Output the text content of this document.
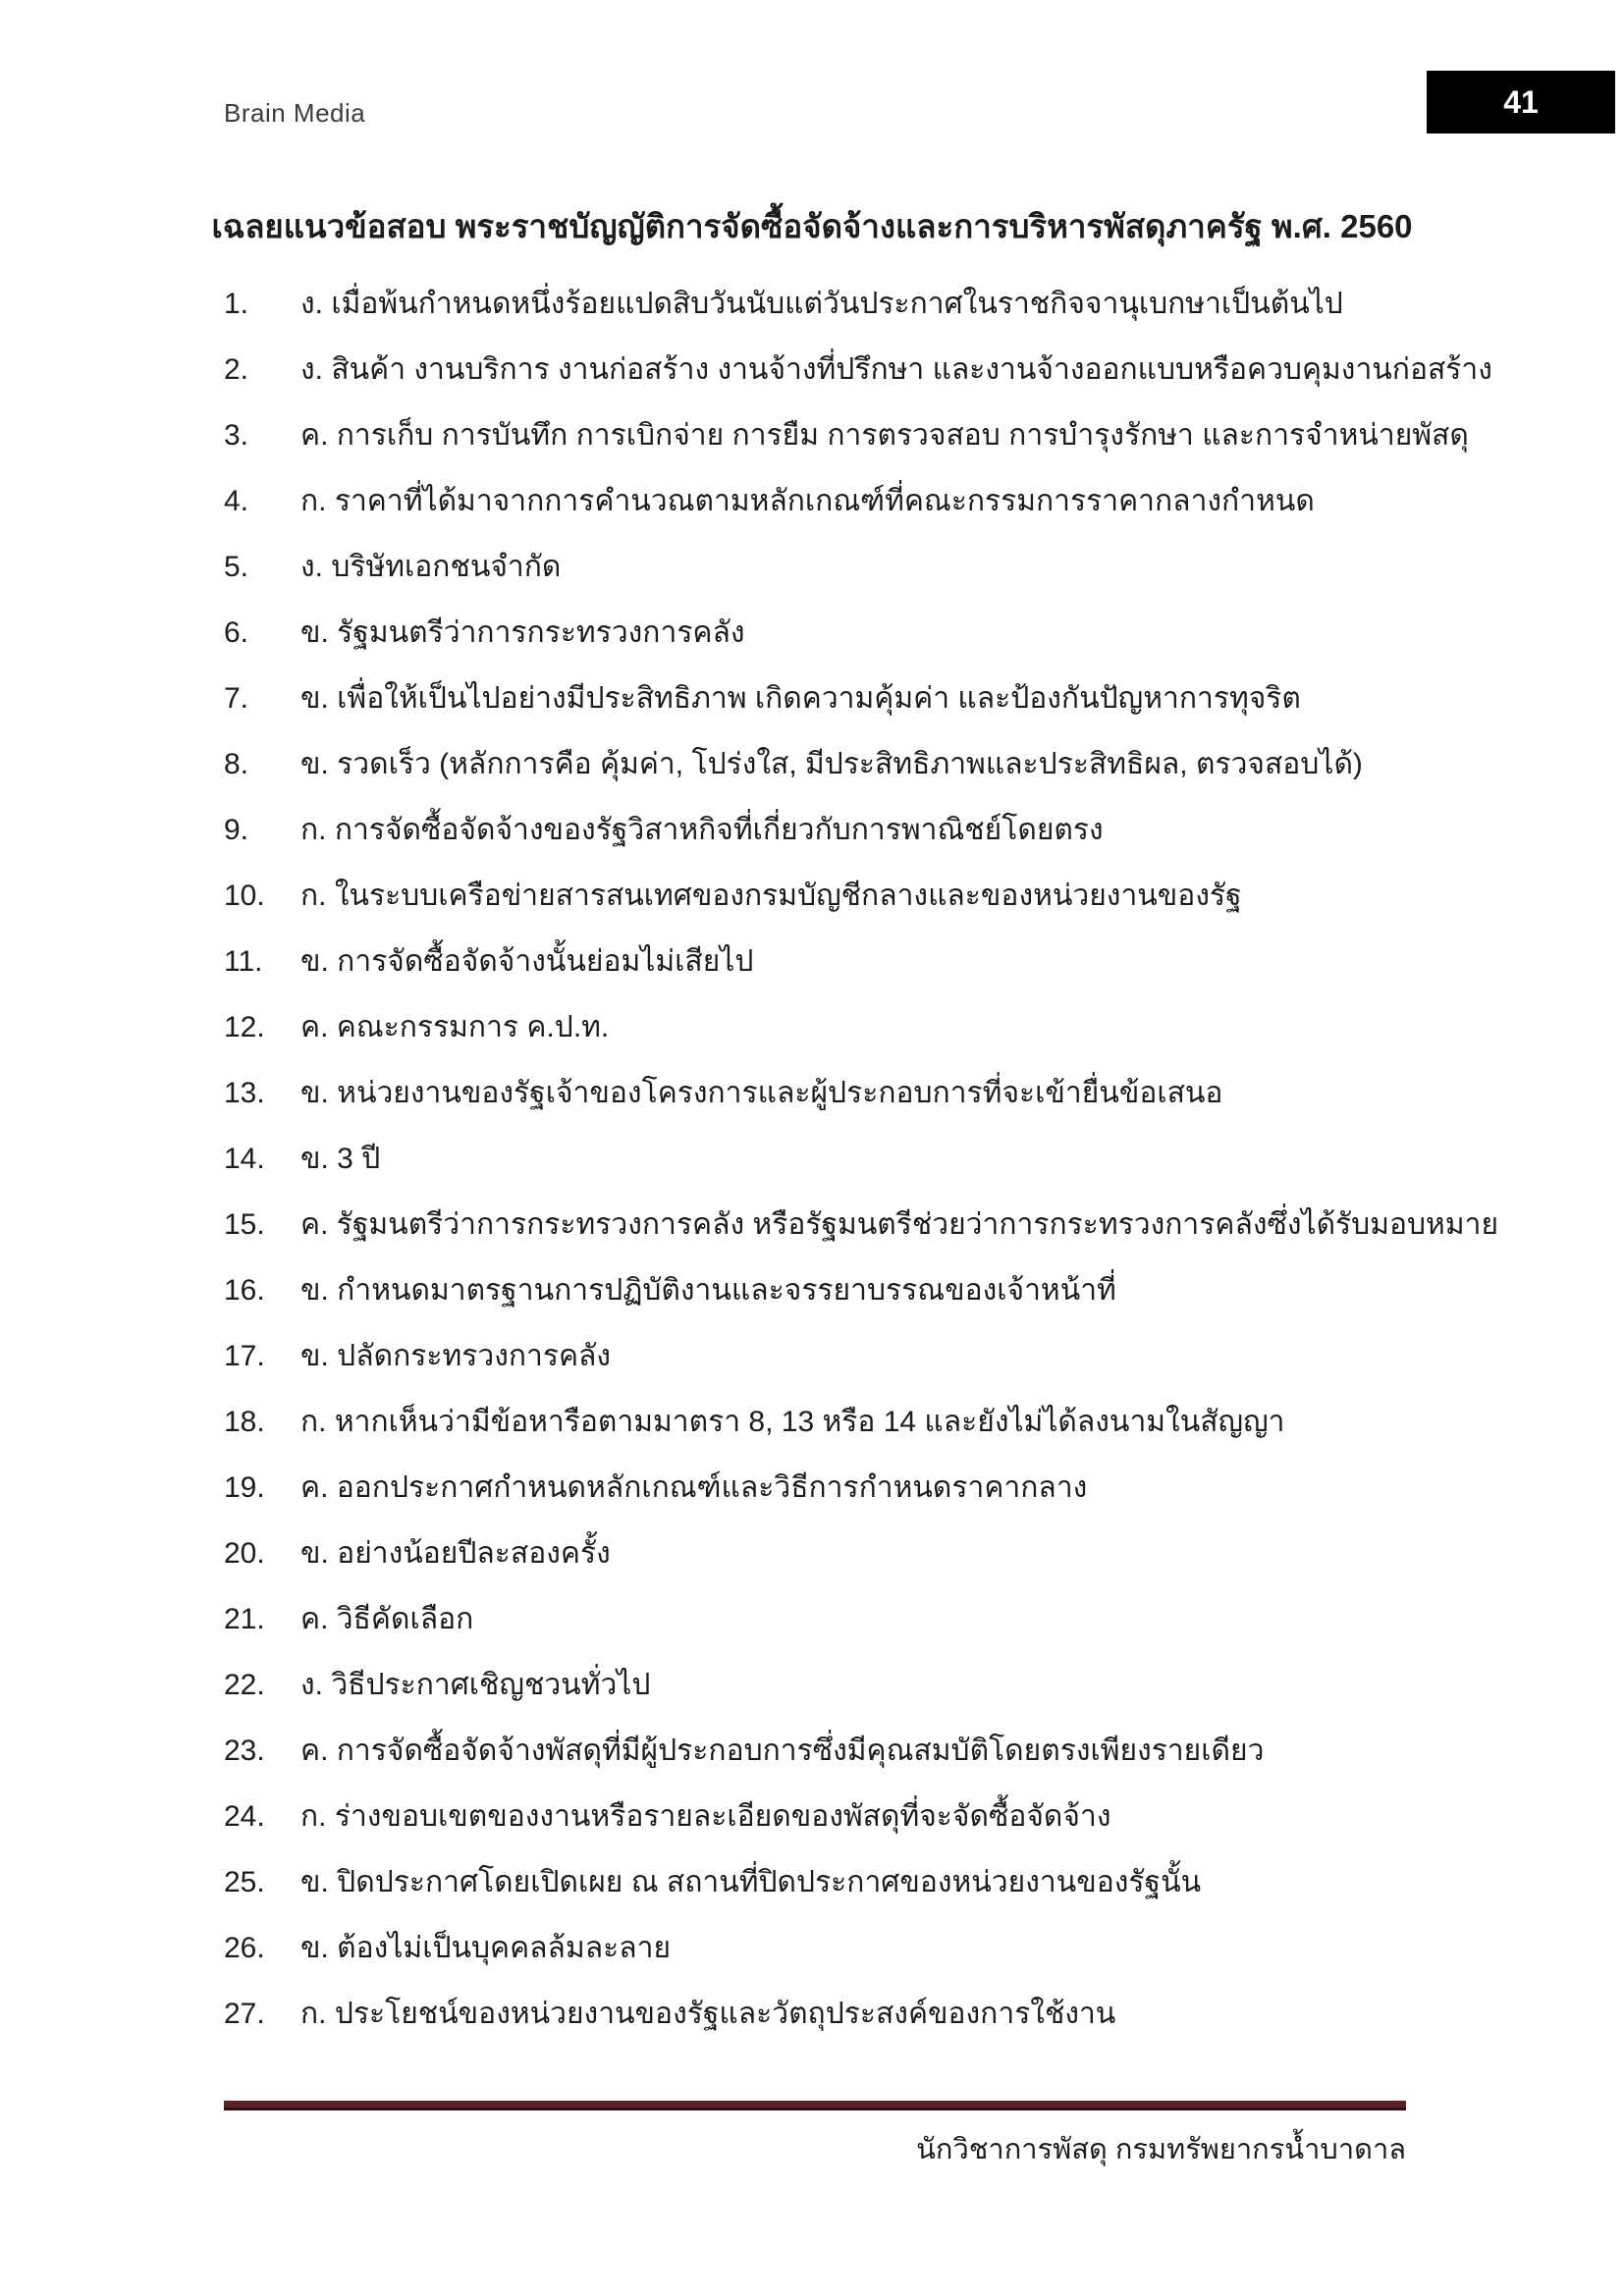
Brain Media	41
เฉลยแนวข้อสอบ พระราชบัญญัติการจัดซื้อจัดจ้างและการบริหารพัสดุภาครัฐ พ.ศ. 2560
1.	ง. เมื่อพ้นกำหนดหนึ่งร้อยแปดสิบวันนับแต่วันประกาศในราชกิจจานุเบกษาเป็นต้นไป
2.	ง. สินค้า งานบริการ งานก่อสร้าง งานจ้างที่ปรึกษา และงานจ้างออกแบบหรือควบคุมงานก่อสร้าง
3.	ค. การเก็บ การบันทึก การเบิกจ่าย การยืม การตรวจสอบ การบำรุงรักษา และการจำหน่ายพัสดุ
4.	ก. ราคาที่ได้มาจากการคำนวณตามหลักเกณฑ์ที่คณะกรรมการราคากลางกำหนด
5.	ง. บริษัทเอกชนจำกัด
6.	ข. รัฐมนตรีว่าการกระทรวงการคลัง
7.	ข. เพื่อให้เป็นไปอย่างมีประสิทธิภาพ เกิดความคุ้มค่า และป้องกันปัญหาการทุจริต
8.	ข. รวดเร็ว (หลักการคือ คุ้มค่า, โปร่งใส, มีประสิทธิภาพและประสิทธิผล, ตรวจสอบได้)
9.	ก. การจัดซื้อจัดจ้างของรัฐวิสาหกิจที่เกี่ยวกับการพาณิชย์โดยตรง
10.	ก. ในระบบเครือข่ายสารสนเทศของกรมบัญชีกลางและของหน่วยงานของรัฐ
11.	ข. การจัดซื้อจัดจ้างนั้นย่อมไม่เสียไป
12.	ค. คณะกรรมการ ค.ป.ท.
13.	ข. หน่วยงานของรัฐเจ้าของโครงการและผู้ประกอบการที่จะเข้ายื่นข้อเสนอ
14.	ข. 3 ปี
15.	ค. รัฐมนตรีว่าการกระทรวงการคลัง หรือรัฐมนตรีช่วยว่าการกระทรวงการคลังซึ่งได้รับมอบหมาย
16.	ข. กำหนดมาตรฐานการปฏิบัติงานและจรรยาบรรณของเจ้าหน้าที่
17.	ข. ปลัดกระทรวงการคลัง
18.	ก. หากเห็นว่ามีข้อหารือตามมาตรา 8, 13 หรือ 14 และยังไม่ได้ลงนามในสัญญา
19.	ค. ออกประกาศกำหนดหลักเกณฑ์และวิธีการกำหนดราคากลาง
20.	ข. อย่างน้อยปีละสองครั้ง
21.	ค. วิธีคัดเลือก
22.	ง. วิธีประกาศเชิญชวนทั่วไป
23.	ค. การจัดซื้อจัดจ้างพัสดุที่มีผู้ประกอบการซึ่งมีคุณสมบัติโดยตรงเพียงรายเดียว
24.	ก. ร่างขอบเขตของงานหรือรายละเอียดของพัสดุที่จะจัดซื้อจัดจ้าง
25.	ข. ปิดประกาศโดยเปิดเผย ณ สถานที่ปิดประกาศของหน่วยงานของรัฐนั้น
26.	ข. ต้องไม่เป็นบุคคลล้มละลาย
27.	ก. ประโยชน์ของหน่วยงานของรัฐและวัตถุประสงค์ของการใช้งาน
นักวิชาการพัสดุ กรมทรัพยากรน้ำบาดาล
